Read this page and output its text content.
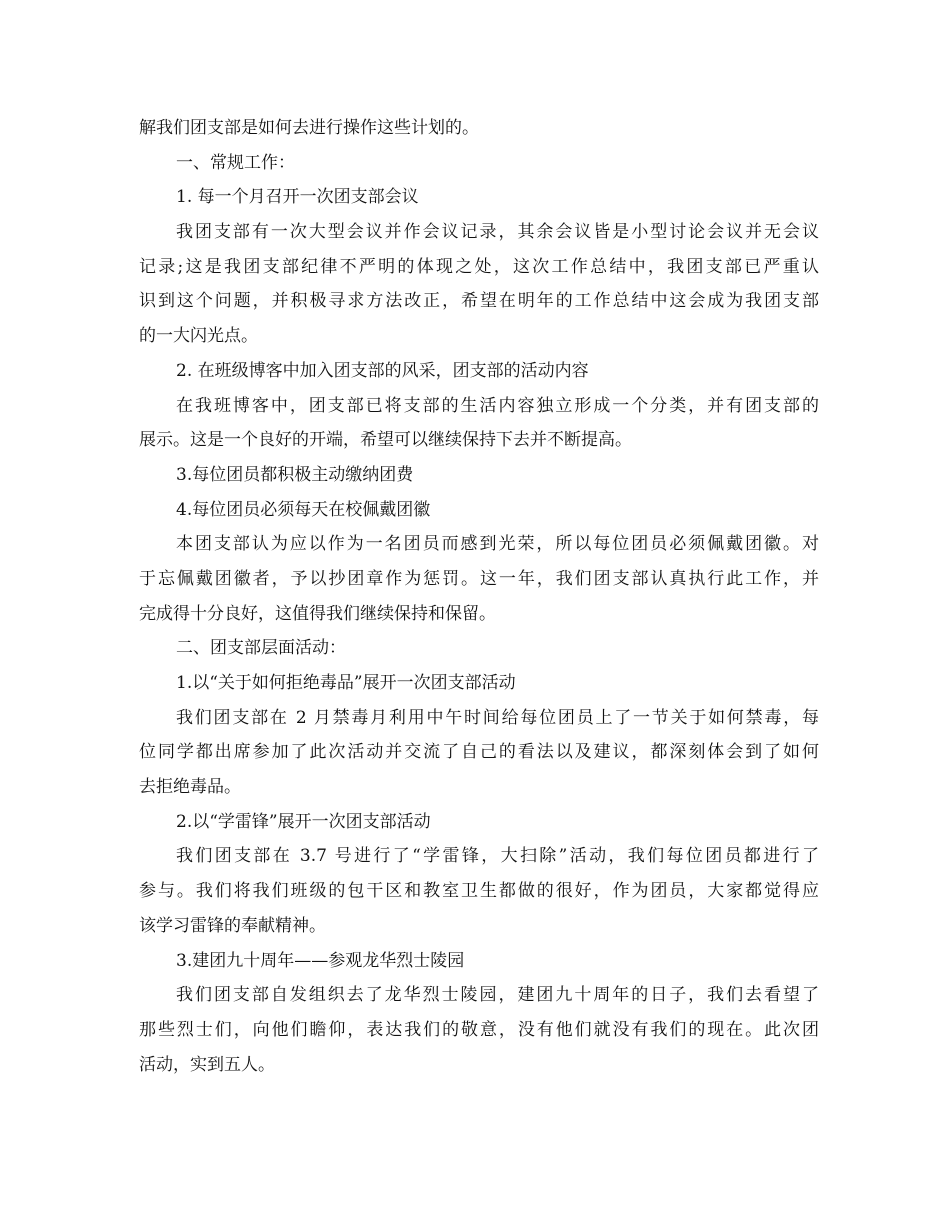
解我们团支部是如何去进行操作这些计划的。
一、常规工作：
1. 每一个月召开一次团支部会议
我团支部有一次大型会议并作会议记录，其余会议皆是小型讨论会议并无会议
记录;这是我团支部纪律不严明的体现之处，这次工作总结中，我团支部已严重认
识到这个问题，并积极寻求方法改正，希望在明年的工作总结中这会成为我团支部
的一大闪光点。
2. 在班级博客中加入团支部的风采，团支部的活动内容
在我班博客中，团支部已将支部的生活内容独立形成一个分类，并有团支部的
展示。这是一个良好的开端，希望可以继续保持下去并不断提高。
3.每位团员都积极主动缴纳团费
4.每位团员必须每天在校佩戴团徽
本团支部认为应以作为一名团员而感到光荣，所以每位团员必须佩戴团徽。对
于忘佩戴团徽者，予以抄团章作为惩罚。这一年，我们团支部认真执行此工作，并
完成得十分良好，这值得我们继续保持和保留。
二、团支部层面活动：
1.以“关于如何拒绝毒品”展开一次团支部活动
我们团支部在 2 月禁毒月利用中午时间给每位团员上了一节关于如何禁毒，每
位同学都出席参加了此次活动并交流了自己的看法以及建议，都深刻体会到了如何
去拒绝毒品。
2.以“学雷锋”展开一次团支部活动
我们团支部在 3.7 号进行了“学雷锋，大扫除”活动，我们每位团员都进行了
参与。我们将我们班级的包干区和教室卫生都做的很好，作为团员，大家都觉得应
该学习雷锋的奉献精神。
3.建团九十周年——参观龙华烈士陵园
我们团支部自发组织去了龙华烈士陵园，建团九十周年的日子，我们去看望了
那些烈士们，向他们瞻仰，表达我们的敬意，没有他们就没有我们的现在。此次团
活动，实到五人。
